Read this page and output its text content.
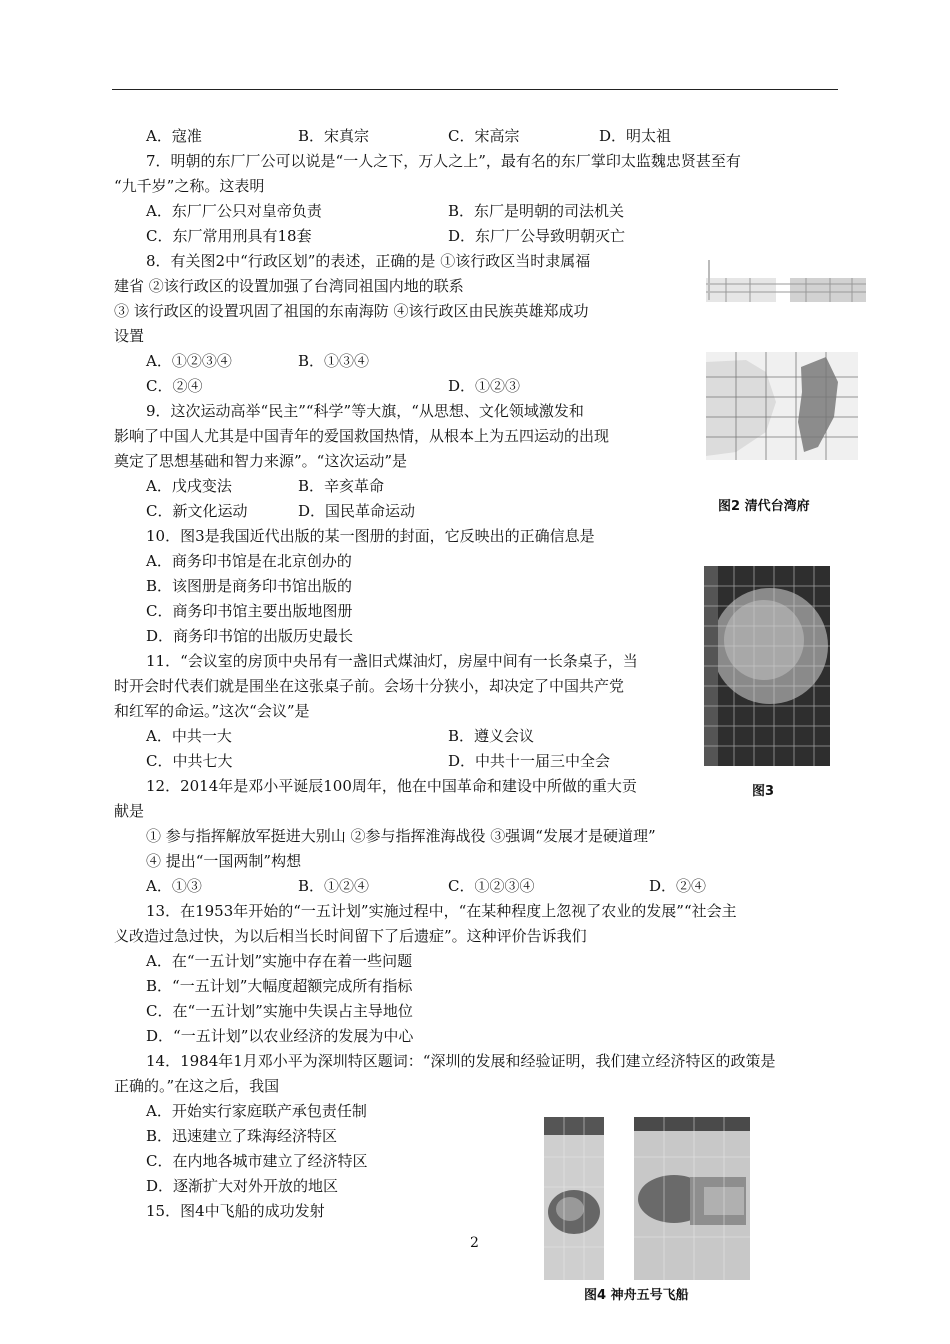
A．寇准	B．宋真宗	C．宋高宗	D．明太祖
7．明朝的东厂厂公可以说是“一人之下，万人之上”，最有名的东厂掌印太监魏忠贤甚至有
“九千岁”之称。这表明
A．东厂厂公只对皇帝负责	B．东厂是明朝的司法机关
C．东厂常用刑具有18套	D．东厂厂公导致明朝灭亡
8．有关图2中“行政区划”的表述，正确的是 ①该行政区当时隶属福
建省 ②该行政区的设置加强了台湾同祖国内地的联系
③ 该行政区的设置巩固了祖国的东南海防 ④该行政区由民族英雄郑成功
设置
A．①②③④	B．①③④
C．②④	D．①②③
9．这次运动高举“民主”“科学”等大旗，“从思想、文化领域激发和
影响了中国人尤其是中国青年的爱国救国热情，从根本上为五四运动的出现
奠定了思想基础和智力来源”。“这次运动”是
A．戊戌变法	B．辛亥革命
C．新文化运动	D．国民革命运动
10．图3是我国近代出版的某一图册的封面，它反映出的正确信息是
A．商务印书馆是在北京创办的
B．该图册是商务印书馆出版的
C．商务印书馆主要出版地图册
D．商务印书馆的出版历史最长
11．“会议室的房顶中央吊有一盏旧式煤油灯，房屋中间有一长条桌子，当
时开会时代表们就是围坐在这张桌子前。会场十分狭小，却决定了中国共产党
和红军的命运。”这次“会议”是
A．中共一大	B．遵义会议
C．中共七大	D．中共十一届三中全会
12．2014年是邓小平诞辰100周年，他在中国革命和建设中所做的重大贡
献是
① 参与指挥解放军挺进大别山 ②参与指挥淮海战役 ③强调“发展才是硬道理”
④ 提出“一国两制”构想
A．①③	B．①②④	C．①②③④	D．②④
13．在1953年开始的“一五计划”实施过程中，“在某种程度上忽视了农业的发展”“社会主
义改造过急过快，为以后相当长时间留下了后遗症”。这种评价告诉我们
A．在“一五计划”实施中存在着一些问题
B．“一五计划”大幅度超额完成所有指标
C．在“一五计划”实施中失误占主导地位
D．“一五计划”以农业经济的发展为中心
14．1984年1月邓小平为深圳特区题词：“深圳的发展和经验证明，我们建立经济特区的政策是
正确的。”在这之后，我国
A．开始实行家庭联产承包责任制
B．迅速建立了珠海经济特区
C．在内地各城市建立了经济特区
D．逐渐扩大对外开放的地区
15．图4中飞船的成功发射
图2 清代台湾府
图3
图4 神舟五号飞船
2
